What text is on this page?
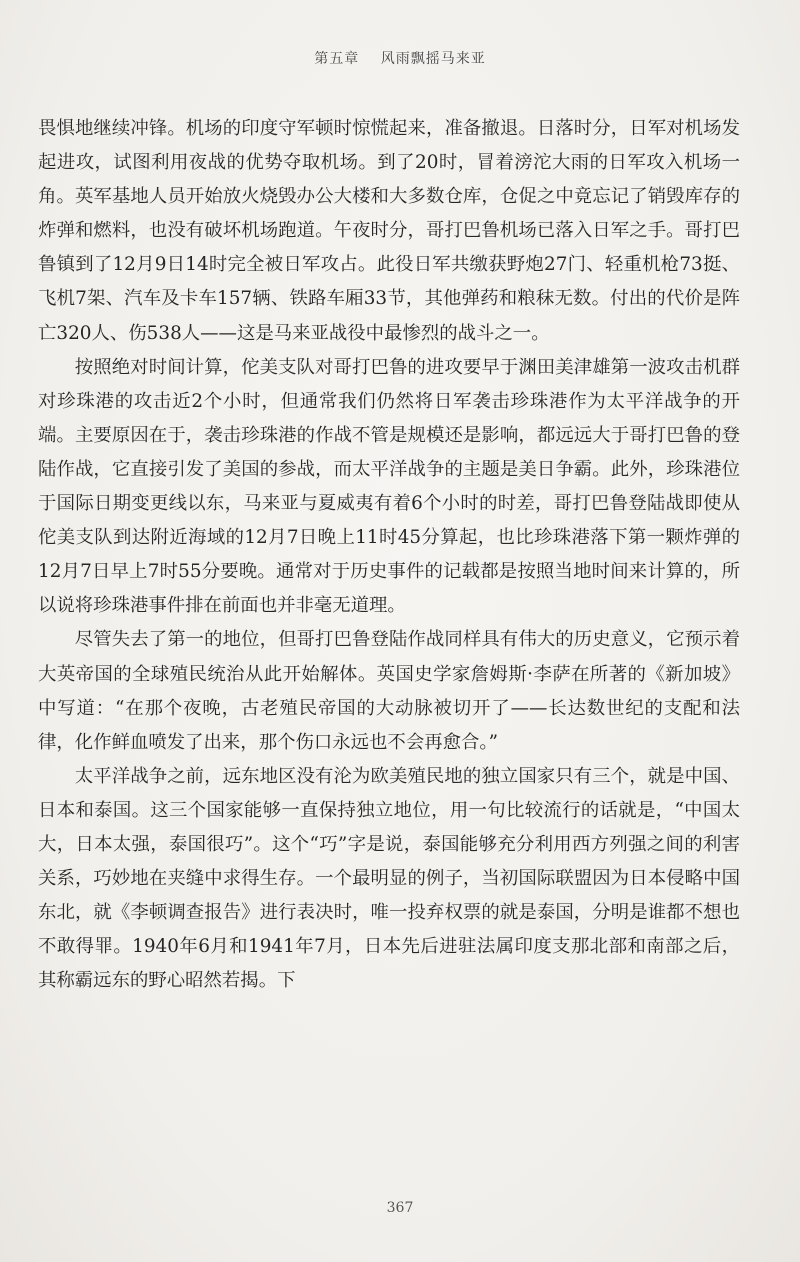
第五章 风雨飘摇马来亚

畏惧地继续冲锋。机场的印度守军顿时惊慌起来，准备撤退。日落时分，日军对机场发起进攻，试图利用夜战的优势夺取机场。到了20时，冒着滂沱大雨的日军攻入机场一角。英军基地人员开始放火烧毁办公大楼和大多数仓库，仓促之中竟忘记了销毁库存的炸弹和燃料，也没有破坏机场跑道。午夜时分，哥打巴鲁机场已落入日军之手。哥打巴鲁镇到了12月9日14时完全被日军攻占。此役日军共缴获野炮27门、轻重机枪73挺、飞机7架、汽车及卡车157辆、铁路车厢33节，其他弹药和粮秣无数。付出的代价是阵亡320人、伤538人——这是马来亚战役中最惨烈的战斗之一。

按照绝对时间计算，佗美支队对哥打巴鲁的进攻要早于渊田美津雄第一波攻击机群对珍珠港的攻击近2个小时，但通常我们仍然将日军袭击珍珠港作为太平洋战争的开端。主要原因在于，袭击珍珠港的作战不管是规模还是影响，都远远大于哥打巴鲁的登陆作战，它直接引发了美国的参战，而太平洋战争的主题是美日争霸。此外，珍珠港位于国际日期变更线以东，马来亚与夏威夷有着6个小时的时差，哥打巴鲁登陆战即使从佗美支队到达附近海域的12月7日晚上11时45分算起，也比珍珠港落下第一颗炸弹的12月7日早上7时55分要晚。通常对于历史事件的记载都是按照当地时间来计算的，所以说将珍珠港事件排在前面也并非毫无道理。

尽管失去了第一的地位，但哥打巴鲁登陆作战同样具有伟大的历史意义，它预示着大英帝国的全球殖民统治从此开始解体。英国史学家詹姆斯·李萨在所著的《新加坡》中写道：“在那个夜晚，古老殖民帝国的大动脉被切开了——长达数世纪的支配和法律，化作鲜血喷发了出来，那个伤口永远也不会再愈合。”

太平洋战争之前，远东地区没有沦为欧美殖民地的独立国家只有三个，就是中国、日本和泰国。这三个国家能够一直保持独立地位，用一句比较流行的话就是，“中国太大，日本太强，泰国很巧”。这个“巧”字是说，泰国能够充分利用西方列强之间的利害关系，巧妙地在夹缝中求得生存。一个最明显的例子，当初国际联盟因为日本侵略中国东北，就《李顿调查报告》进行表决时，唯一投弃权票的就是泰国，分明是谁都不想也不敢得罪。1940年6月和1941年7月，日本先后进驻法属印度支那北部和南部之后，其称霸远东的野心昭然若揭。下

367
